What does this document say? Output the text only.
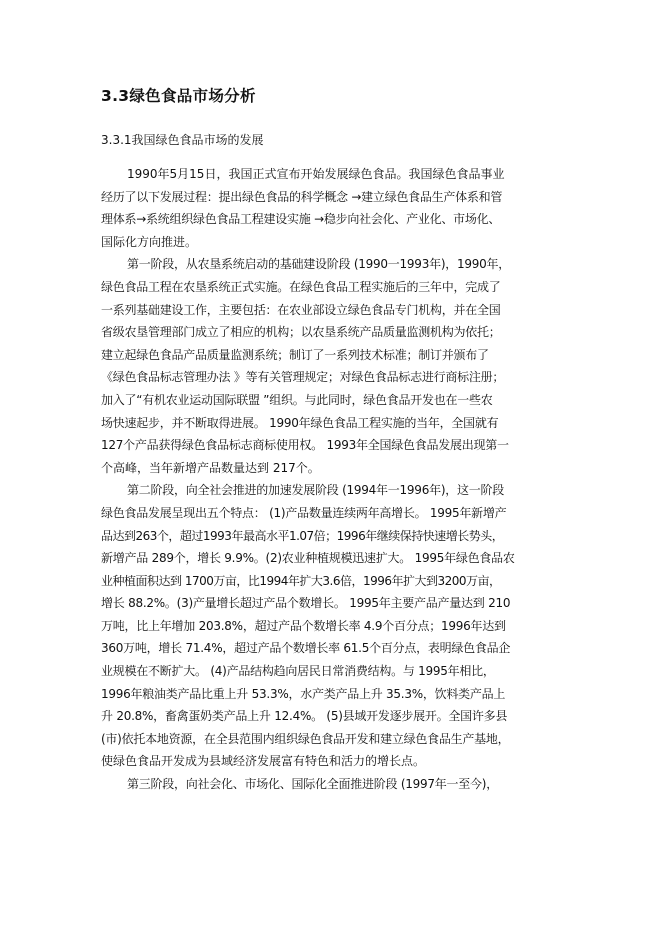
3.3绿色食品市场分析
3.3.1我国绿色食品市场的发展
1990年5月15日，我国正式宣布开始发展绿色食品。我国绿色食品事业
经历了以下发展过程：提出绿色食品的科学概念 →建立绿色食品生产体系和管
理体系→系统组织绿色食品工程建设实施 →稳步向社会化、产业化、市场化、
国际化方向推进。
第一阶段，从农垦系统启动的基础建设阶段 (1990一1993年)，1990年，
绿色食品工程在农垦系统正式实施。在绿色食品工程实施后的三年中，完成了
一系列基础建设工作，主要包括：在农业部设立绿色食品专门机构，并在全国
省级农垦管理部门成立了相应的机构；以农垦系统产品质量监测机构为依托；
建立起绿色食品产品质量监测系统；制订了一系列技术标准；制订并颁布了
《绿色食品标志管理办法 》等有关管理规定；对绿色食品标志进行商标注册；
加入了“有机农业运动国际联盟 ”组织。与此同时，绿色食品开发也在一些农
场快速起步，并不断取得进展。 1990年绿色食品工程实施的当年，全国就有
127个产品获得绿色食品标志商标使用权。 1993年全国绿色食品发展出现第一
个高峰，当年新增产品数量达到 217个。
第二阶段，向全社会推进的加速发展阶段 (1994年一1996年)，这一阶段
绿色食品发展呈现出五个特点： (1)产品数量连续两年高增长。 1995年新增产
品达到263个，超过1993年最高水平1.07倍；1996年继续保持快速增长势头，
新增产品 289个，增长 9.9%。(2)农业种植规模迅速扩大。 1995年绿色食品农
业种植面积达到 1700万亩，比1994年扩大3.6倍，1996年扩大到3200万亩，
增长 88.2%。(3)产量增长超过产品个数增长。 1995年主要产品产量达到 210
万吨，比上年增加 203.8%，超过产品个数增长率 4.9个百分点；1996年达到
360万吨，增长 71.4%，超过产品个数增长率 61.5个百分点，表明绿色食品企
业规模在不断扩大。 (4)产品结构趋向居民日常消费结构。与 1995年相比，
1996年粮油类产品比重上升 53.3%，水产类产品上升 35.3%，饮料类产品上
升 20.8%，畜禽蛋奶类产品上升 12.4%。 (5)县域开发逐步展开。全国许多县
(市)依托本地资源，在全县范围内组织绿色食品开发和建立绿色食品生产基地，
使绿色食品开发成为县域经济发展富有特色和活力的增长点。
第三阶段，向社会化、市场化、国际化全面推进阶段 (1997年一至今)，
